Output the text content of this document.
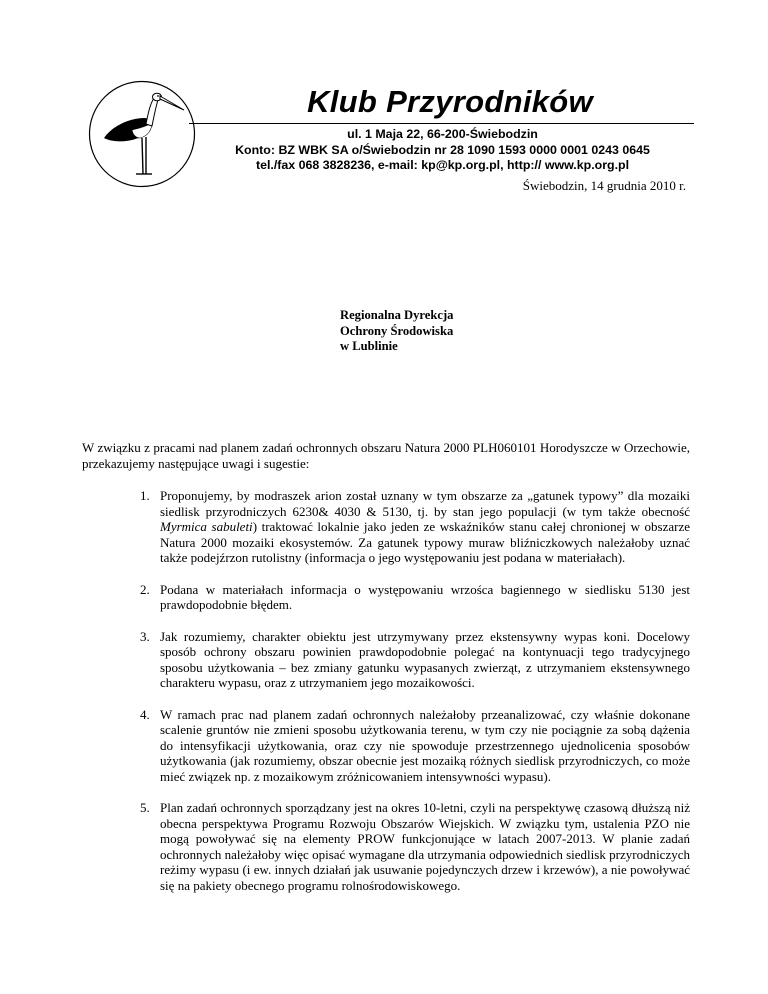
Klub Przyrodników
ul. 1 Maja 22, 66-200-Świebodzin
Konto: BZ WBK SA o/Świebodzin nr 28 1090 1593 0000 0001 0243 0645
tel./fax 068 3828236, e-mail: kp@kp.org.pl, http:// www.kp.org.pl
Świebodzin, 14 grudnia 2010 r.
Regionalna Dyrekcja
Ochrony Środowiska
w Lublinie

W związku z pracami nad planem zadań ochronnych obszaru Natura 2000 PLH060101 Horodyszcze w Orzechowie, przekazujemy następujące uwagi i sugestie:

1. Proponujemy, by modraszek arion został uznany w tym obszarze za „gatunek typowy” dla mozaiki siedlisk przyrodniczych 6230& 4030 & 5130, tj. by stan jego populacji (w tym także obecność Myrmica sabuleti) traktować lokalnie jako jeden ze wskaźników stanu całej chronionej w obszarze Natura 2000 mozaiki ekosystemów. Za gatunek typowy muraw bliźniczkowych należałoby uznać także podejźrzon rutolistny (informacja o jego występowaniu jest podana w materiałach).
2. Podana w materiałach informacja o występowaniu wrzośca bagiennego w siedlisku 5130 jest prawdopodobnie błędem.
3. Jak rozumiemy, charakter obiektu jest utrzymywany przez ekstensywny wypas koni. Docelowy sposób ochrony obszaru powinien prawdopodobnie polegać na kontynuacji tego tradycyjnego sposobu użytkowania – bez zmiany gatunku wypasanych zwierząt, z utrzymaniem ekstensywnego charakteru wypasu, oraz z utrzymaniem jego mozaikowości.
4. W ramach prac nad planem zadań ochronnych należałoby przeanalizować, czy właśnie dokonane scalenie gruntów nie zmieni sposobu użytkowania terenu, w tym czy nie pociągnie za sobą dążenia do intensyfikacji użytkowania, oraz czy nie spowoduje przestrzennego ujednolicenia sposobów użytkowania (jak rozumiemy, obszar obecnie jest mozaiką różnych siedlisk przyrodniczych, co może mieć związek np. z mozaikowym zróżnicowaniem intensywności wypasu).
5. Plan zadań ochronnych sporządzany jest na okres 10-letni, czyli na perspektywę czasową dłuższą niż obecna perspektywa Programu Rozwoju Obszarów Wiejskich. W związku tym, ustalenia PZO nie mogą powoływać się na elementy PROW funkcjonujące w latach 2007-2013. W planie zadań ochronnych należałoby więc opisać wymagane dla utrzymania odpowiednich siedlisk przyrodniczych reżimy wypasu (i ew. innych działań jak usuwanie pojedynczych drzew i krzewów), a nie powoływać się na pakiety obecnego programu rolnośrodowiskowego.
